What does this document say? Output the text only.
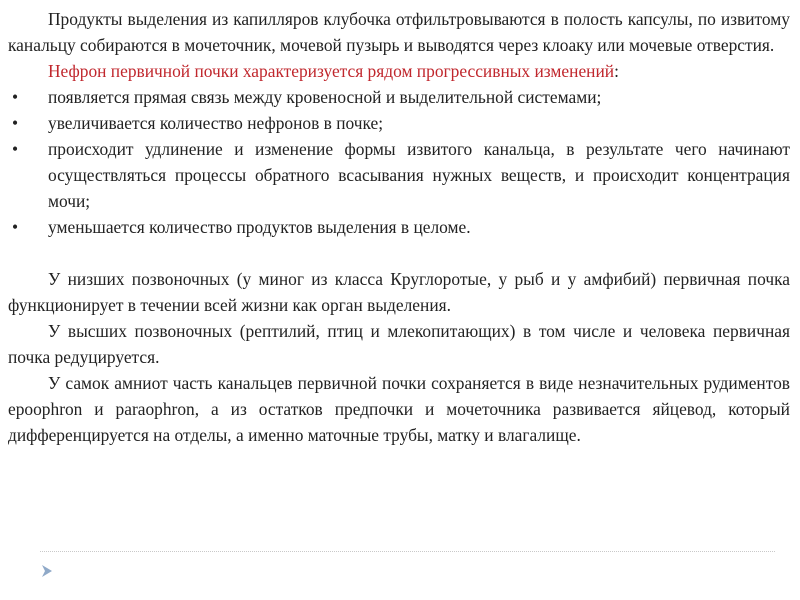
Продукты выделения из капилляров клубочка отфильтровываются в полость капсулы, по извитому канальцу собираются в мочеточник, мочевой пузырь и выводятся через клоаку или мочевые отверстия.

Нефрон первичной почки характеризуется рядом прогрессивных изменений:

• появляется прямая связь между кровеносной и выделительной системами;
• увеличивается количество нефронов в почке;
• происходит удлинение и изменение формы извитого канальца, в результате чего начинают осуществляться процессы обратного всасывания нужных веществ, и происходит концентрация мочи;
• уменьшается количество продуктов выделения в целоме.

У низших позвоночных (у миног из класса Круглоротые, у рыб и у амфибий) первичная почка функционирует в течении всей жизни как орган выделения.

У высших позвоночных (рептилий, птиц и млекопитающих) в том числе и человека первичная почка редуцируется.

У самок амниот часть канальцев первичной почки сохраняется в виде незначительных рудиментов epoophron и paraophron, а из остатков предпочки и мочеточника развивается яйцевод, который дифференцируется на отделы, а именно маточные трубы, матку и влагалище.
